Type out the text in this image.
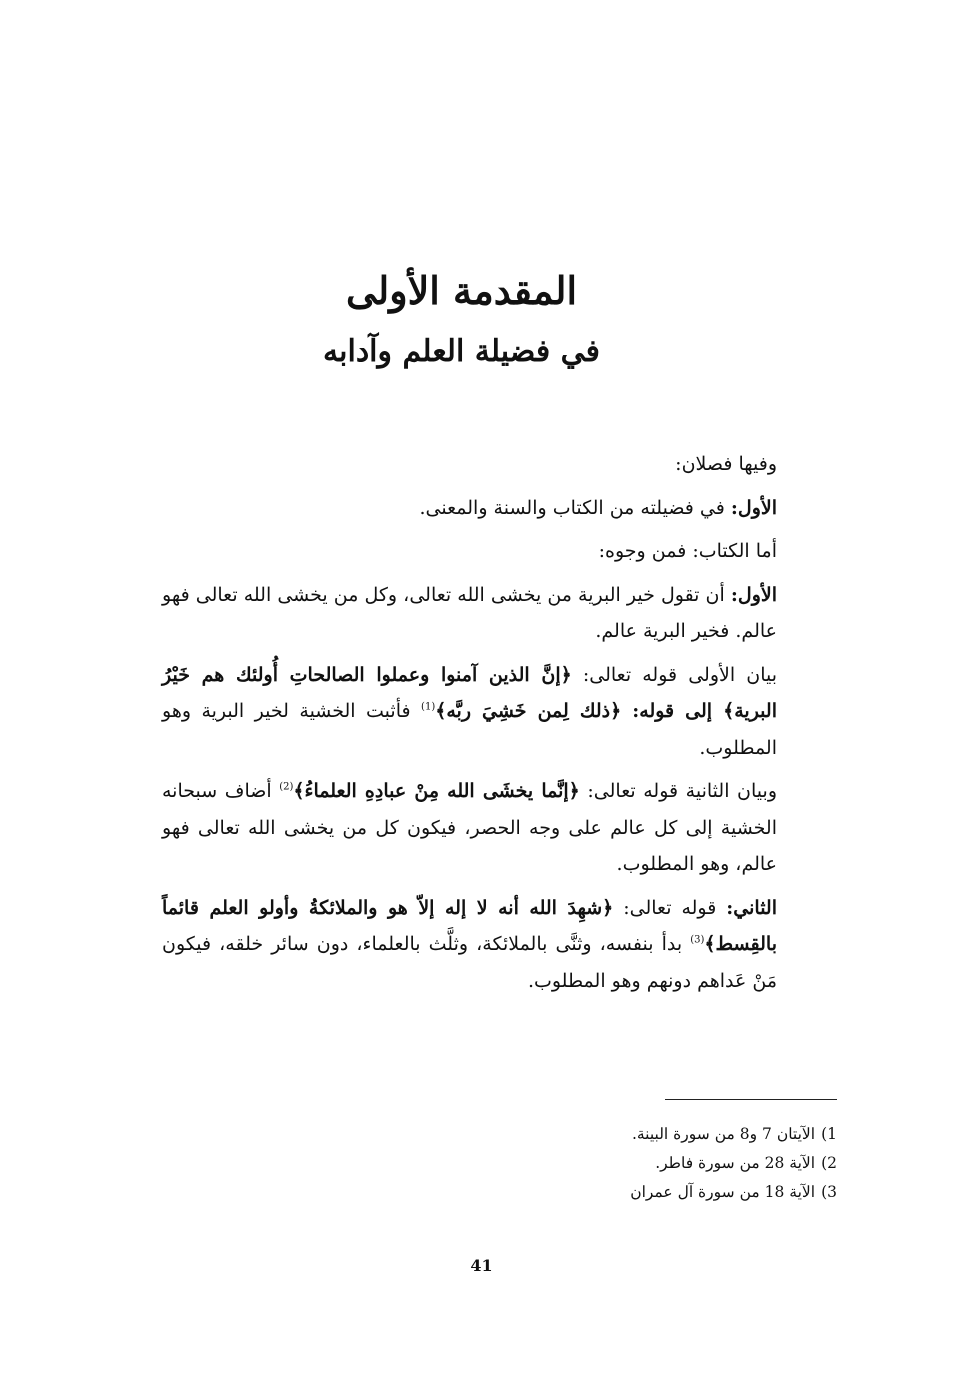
المقدمة الأولى
في فضيلة العلم وآدابه

وفيها فصلان:

الأول: في فضيلته من الكتاب والسنة والمعنى.

أما الكتاب: فمن وجوه:

الأول: أن تقول خير البرية من يخشى الله تعالى، وكل من يخشى الله تعالى فهو عالم. فخير البرية عالم.

بيان الأولى قوله تعالى: ﴿إنَّ الذين آمنوا وعملوا الصالحاتِ أُولئك هم خَيْرُ البرية﴾ إلى قوله: ﴿ذلك لِمن خَشِيَ ربَّه﴾$^{(1)}$ فأثبت الخشية لخير البرية وهو المطلوب.

وبيان الثانية قوله تعالى: ﴿إنَّما يخشَى الله مِنْ عبادِهِ العلماءُ﴾$^{(2)}$ أضاف سبحانه الخشية إلى كل عالم على وجه الحصر، فيكون كل من يخشى الله تعالى فهو عالم، وهو المطلوب.

الثاني: قوله تعالى: ﴿شهِدَ الله أنه لا إله إلاّ هو والملائكةُ وأولو العلم قائماً بالقِسط﴾$^{(3)}$ بدأ بنفسه، وثنَّى بالملائكة، وثلَّث بالعلماء، دون سائر خلقه، فيكون مَنْ عَداهم دونهم وهو المطلوب.

1)الآيتان 7 و8 من سورة البينة.
2)الآية 28 من سورة فاطر.
3)الآية 18 من سورة آل عمران
41
